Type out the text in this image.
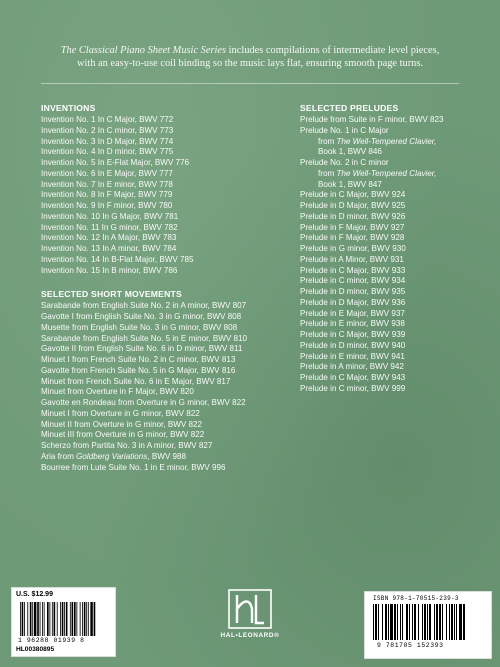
The Classical Piano Sheet Music Series includes compilations of intermediate level pieces,
with an easy-to-use coil binding so the music lays flat, ensuring smooth page turns.
INVENTIONS
Invention No. 1 In C Major, BWV 772
Invention No. 2 In C minor, BWV 773
Invention No. 3 In D Major, BWV 774
Invention No. 4 In D minor, BWV 775
Invention No. 5 In E-Flat Major, BWV 776
Invention No. 6 In E Major, BWV 777
Invention No. 7 In E minor, BWV 778
Invention No. 8 In F Major, BWV 779
Invention No. 9 In F minor, BWV 780
Invention No. 10 In G Major, BWV 781
Invention No. 11 In G minor, BWV 782
Invention No. 12 In A Major, BWV 783
Invention No. 13 In A minor, BWV 784
Invention No. 14 In B-Flat Major, BWV 785
Invention No. 15 In B minor, BWV 786
SELECTED SHORT MOVEMENTS
Sarabande from English Suite No. 2 in A minor, BWV 807
Gavotte I from English Suite No. 3 in G minor, BWV 808
Musette from English Suite No. 3 in G minor, BWV 808
Sarabande from English Suite No. 5 in E minor, BWV 810
Gavotte II from English Suite No. 6 in D minor, BWV 811
Minuet I from French Suite No. 2 in C minor, BWV 813
Gavotte from French Suite No. 5 in G Major, BWV 816
Minuet from French Suite No. 6 in E Major, BWV 817
Minuet from Overture in F Major, BWV 820
Gavotte en Rondeau from Overture in G minor, BWV 822
Minuet I from Overture in G minor, BWV 822
Minuet II from Overture in G minor, BWV 822
Minuet III from Overture in G minor, BWV 822
Scherzo from Partita No. 3 in A minor, BWV 827
Aria from Goldberg Variations, BWV 988
Bourree from Lute Suite No. 1 in E minor, BWV 996
SELECTED PRELUDES
Prelude from Suite in F minor, BWV 823
Prelude No. 1 in C Major
from The Well-Tempered Clavier,
Book 1, BWV 846
Prelude No. 2 in C minor
from The Well-Tempered Clavier,
Book 1, BWV 847
Prelude in C Major, BWV 924
Prelude in D Major, BWV 925
Prelude in D minor, BWV 926
Prelude in F Major, BWV 927
Prelude in F Major, BWV 928
Prelude in G minor, BWV 930
Prelude in A Minor, BWV 931
Prelude in C Major, BWV 933
Prelude in C minor, BWV 934
Prelude in D minor, BWV 935
Prelude in D Major, BWV 936
Prelude in E Major, BWV 937
Prelude in E minor, BWV 938
Prelude in C Major, BWV 939
Prelude in D minor, BWV 940
Prelude in E minor, BWV 941
Prelude in A minor, BWV 942
Prelude in C Major, BWV 943
Prelude in C minor, BWV 999
U.S. $12.99
1 96288 01939 8
HL00380895
HAL•LEONARD®
ISBN 978-1-70515-239-3
9 781705 152393
